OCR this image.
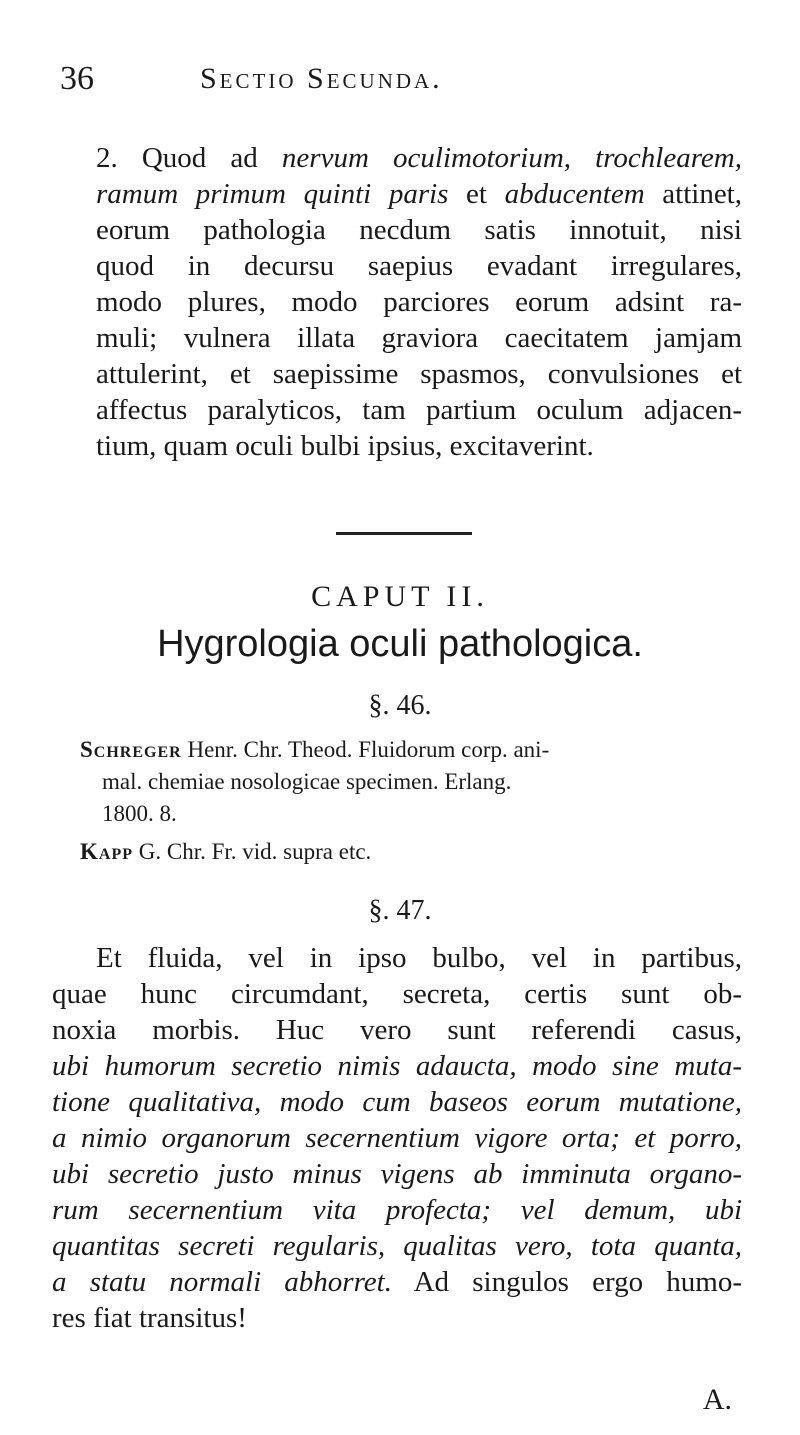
36	Sectio Secunda.
2. Quod ad nervum oculimotorium, trochlearem,
ramum primum quinti paris et abducentem attinet,
eorum pathologia necdum satis innotuit, nisi
quod in decursu saepius evadant irregulares,
modo plures, modo parciores eorum adsint ra-
muli; vulnera illata graviora caecitatem jamjam
attulerint, et saepissime spasmos, convulsiones et
affectus paralyticos, tam partium oculum adjacen-
tium, quam oculi bulbi ipsius, excitaverint.
CAPUT II.
Hygrologia oculi pathologica.
§. 46.
Schreger Henr. Chr. Theod. Fluidorum corp. ani-
mal. chemiae nosologicae specimen. Erlang.
1800. 8.
Kapp G. Chr. Fr. vid. supra etc.
§. 47.
Et fluida, vel in ipso bulbo, vel in partibus,
quae hunc circumdant, secreta, certis sunt ob-
noxia morbis. Huc vero sunt referendi casus,
ubi humorum secretio nimis adaucta, modo sine muta-
tione qualitativa, modo cum baseos eorum mutatione,
a nimio organorum secernentium vigore orta; et porro,
ubi secretio justo minus vigens ab imminuta organo-
rum secernentium vita profecta; vel demum, ubi
quantitas secreti regularis, qualitas vero, tota quanta,
a statu normali abhorret. Ad singulos ergo humo-
res fiat transitus!
A.
